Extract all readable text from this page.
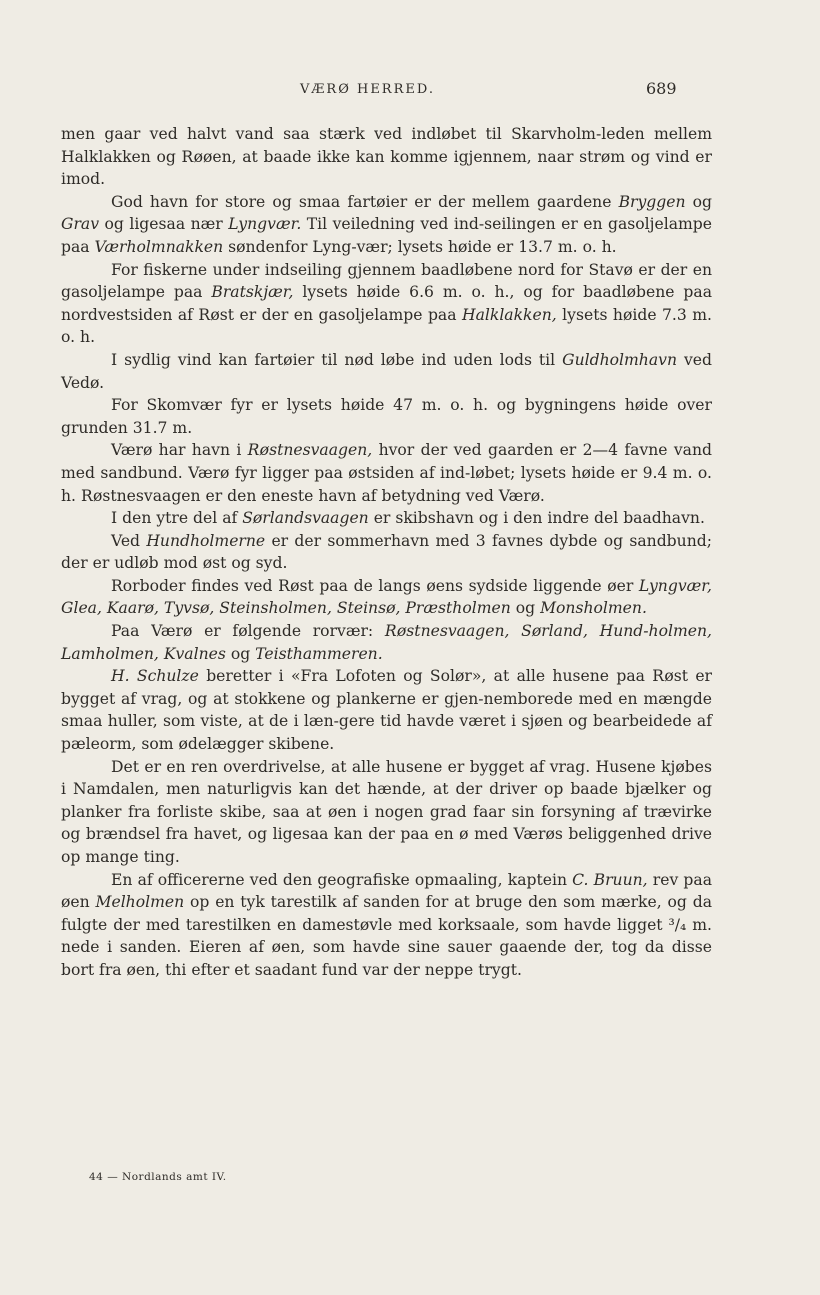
VÆRØ HERRED.	689

men gaar ved halvt vand saa stærk ved indløbet til Skarvholm-leden mellem Halklakken og Røøen, at baade ikke kan komme igjennem, naar strøm og vind er imod.

God havn for store og smaa fartøier er der mellem gaardene Bryggen og Grav og ligesaa nær Lyngvær. Til veiledning ved ind-seilingen er en gasoljelampe paa Værholmnakken søndenfor Lyng-vær; lysets høide er 13.7 m. o. h.

For fiskerne under indseiling gjennem baadløbene nord for Stavø er der en gasoljelampe paa Bratskjær, lysets høide 6.6 m. o. h., og for baadløbene paa nordvestsiden af Røst er der en gasoljelampe paa Halklakken, lysets høide 7.3 m. o. h.

I sydlig vind kan fartøier til nød løbe ind uden lods til Guldholmhavn ved Vedø.

For Skomvær fyr er lysets høide 47 m. o. h. og bygningens høide over grunden 31.7 m.

Værø har havn i Røstnesvaagen, hvor der ved gaarden er 2—4 favne vand med sandbund. Værø fyr ligger paa østsiden af ind-løbet; lysets høide er 9.4 m. o. h. Røstnesvaagen er den eneste havn af betydning ved Værø.

I den ytre del af Sørlandsvaagen er skibshavn og i den indre del baadhavn.

Ved Hundholmerne er der sommerhavn med 3 favnes dybde og sandbund; der er udløb mod øst og syd.

Rorboder findes ved Røst paa de langs øens sydside liggende øer Lyngvær, Glea, Kaarø, Tyvsø, Steinsholmen, Steinsø, Præstholmen og Monsholmen.

Paa Værø er følgende rorvær: Røstnesvaagen, Sørland, Hund-holmen, Lamholmen, Kvalnes og Teisthammeren.

H. Schulze beretter i «Fra Lofoten og Solør», at alle husene paa Røst er bygget af vrag, og at stokkene og plankerne er gjen-nemborede med en mængde smaa huller, som viste, at de i læn-gere tid havde været i sjøen og bearbeidede af pæleorm, som ødelægger skibene.

Det er en ren overdrivelse, at alle husene er bygget af vrag. Husene kjøbes i Namdalen, men naturligvis kan det hænde, at der driver op baade bjælker og planker fra forliste skibe, saa at øen i nogen grad faar sin forsyning af trævirke og brændsel fra havet, og ligesaa kan der paa en ø med Værøs beliggenhed drive op mange ting.

En af officererne ved den geografiske opmaaling, kaptein C. Bruun, rev paa øen Melholmen op en tyk tarestilk af sanden for at bruge den som mærke, og da fulgte der med tarestilken en damestøvle med korksaale, som havde ligget ³/₄ m. nede i sanden. Eieren af øen, som havde sine sauer gaaende der, tog da disse bort fra øen, thi efter et saadant fund var der neppe trygt.

44 — Nordlands amt IV.
